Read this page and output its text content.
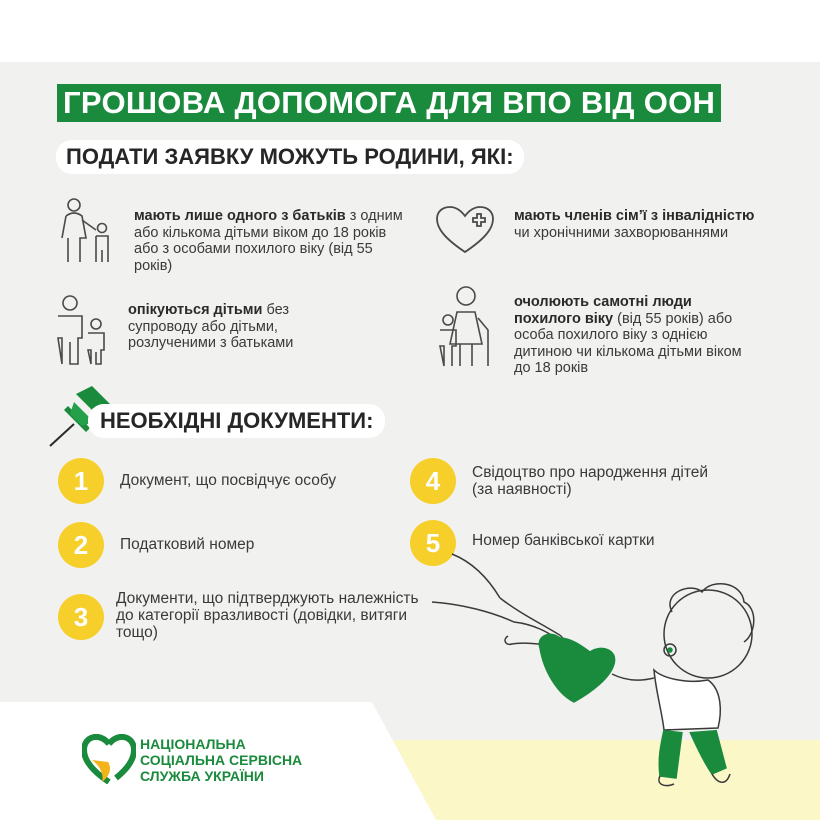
ГРОШОВА ДОПОМОГА ДЛЯ ВПО ВІД ООН
ПОДАТИ ЗАЯВКУ МОЖУТЬ РОДИНИ, ЯКІ:
мають лише одного з батьків з одним або кількома дітьми віком до 18 років або з особами похилого віку (від 55 років)
мають членів сім’ї з інвалідністю чи хронічними захворюваннями
опікуються дітьми без супроводу або дітьми, розлученими з батьками
очолюють самотні люди похилого віку (від 55 років) або особа похилого віку з однією дитиною чи кількома дітьми віком до 18 років
НЕОБХІДНІ ДОКУМЕНТИ:
1	Документ, що посвідчує особу
2	Податковий номер
3
Документи, що підтверджують належність до категорії вразливості (довідки, витяги тощо)
4	Свідоцтво про народження дітей (за наявності)
5	Номер банківської картки
НАЦІОНАЛЬНА
СОЦІАЛЬНА СЕРВІСНА
СЛУЖБА УКРАЇНИ
